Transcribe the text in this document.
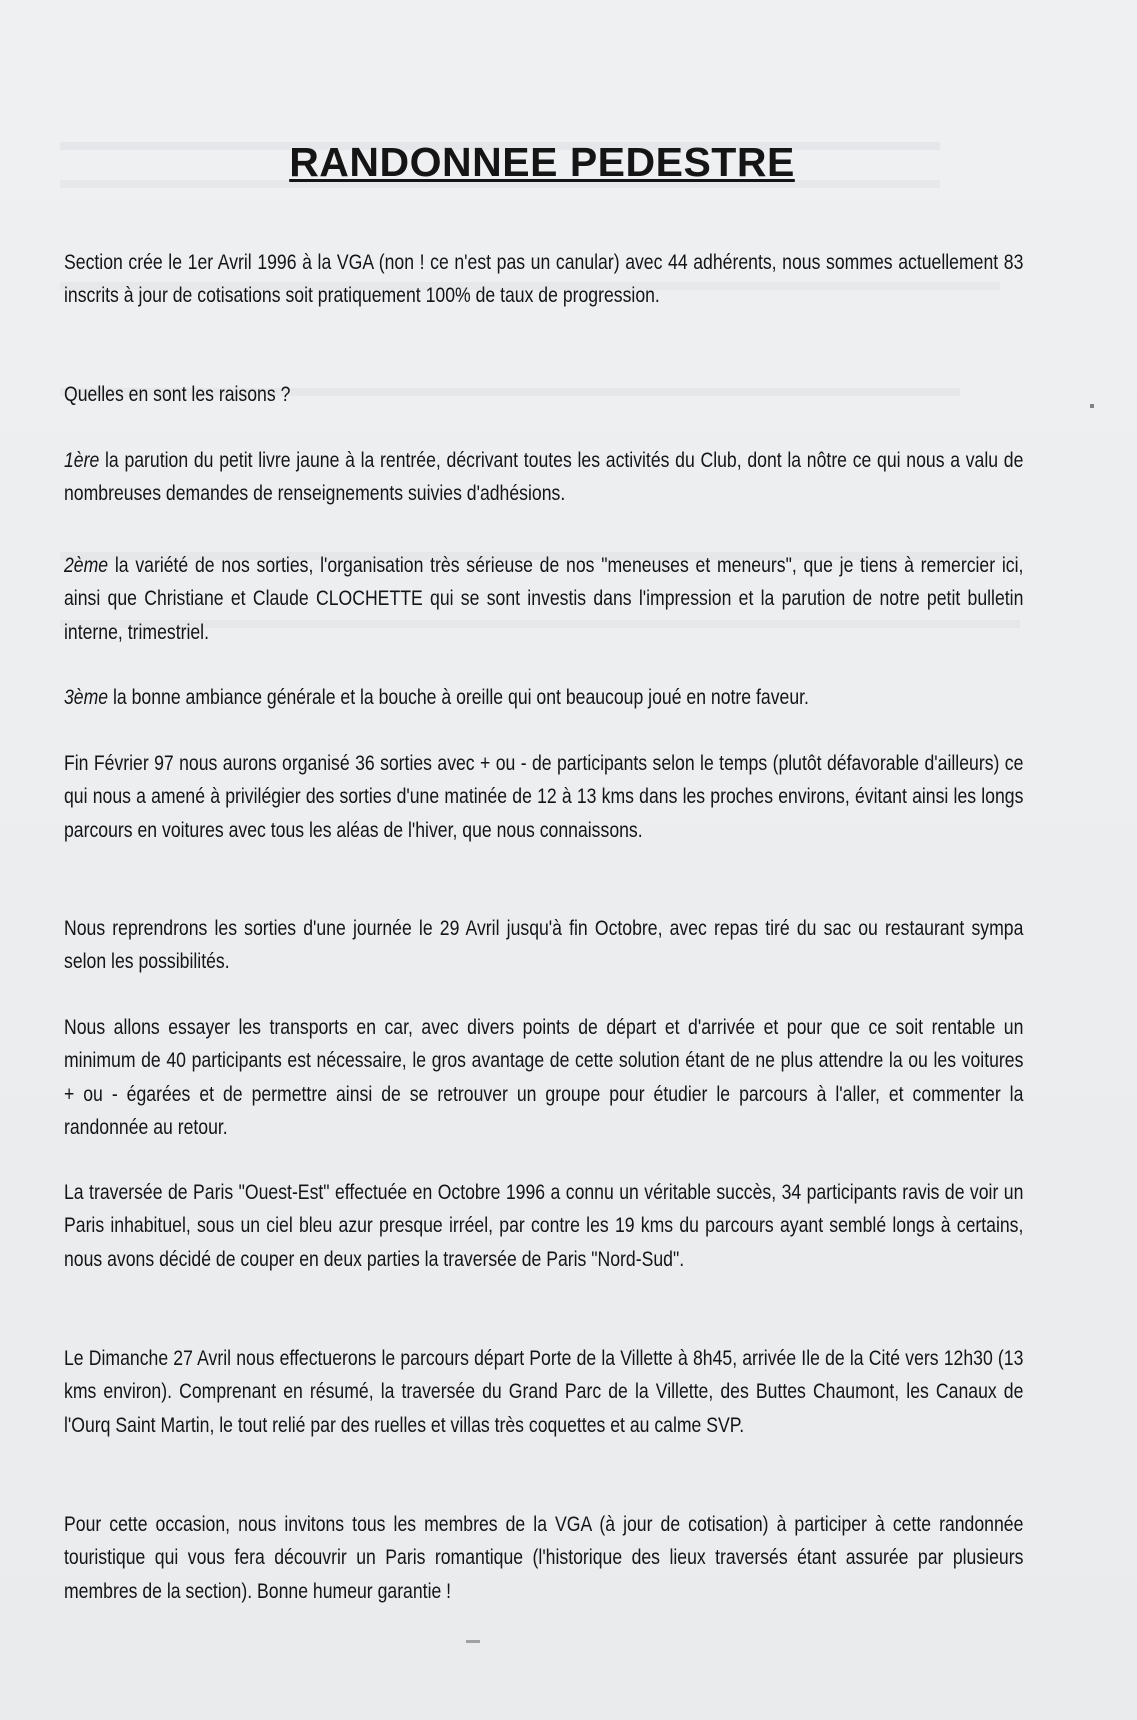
RANDONNEE PEDESTRE

Section crée le 1er Avril 1996 à la VGA (non ! ce n'est pas un canular) avec 44 adhérents, nous sommes actuellement 83 inscrits à jour de cotisations soit pratiquement 100% de taux de progression.

Quelles en sont les raisons ?

1ère la parution du petit livre jaune à la rentrée, décrivant toutes les activités du Club, dont la nôtre ce qui nous a valu de nombreuses demandes de renseignements suivies d'adhésions.

2ème la variété de nos sorties, l'organisation très sérieuse de nos "meneuses et meneurs", que je tiens à remercier ici, ainsi que Christiane et Claude CLOCHETTE qui se sont investis dans l'impression et la parution de notre petit bulletin interne, trimestriel.

3ème la bonne ambiance générale et la bouche à oreille qui ont beaucoup joué en notre faveur.

Fin Février 97 nous aurons organisé 36 sorties avec + ou - de participants selon le temps (plutôt défavorable d'ailleurs) ce qui nous a amené à privilégier des sorties d'une matinée de 12 à 13 kms dans les proches environs, évitant ainsi les longs parcours en voitures avec tous les aléas de l'hiver, que nous connaissons.

Nous reprendrons les sorties d'une journée le 29 Avril jusqu'à fin Octobre, avec repas tiré du sac ou restaurant sympa selon les possibilités.

Nous allons essayer les transports en car, avec divers points de départ et d'arrivée et pour que ce soit rentable un minimum de 40 participants est nécessaire, le gros avantage de cette solution étant de ne plus attendre la ou les voitures + ou - égarées et de permettre ainsi de se retrouver un groupe pour étudier le parcours à l'aller, et commenter la randonnée au retour.

La traversée de Paris "Ouest-Est" effectuée en Octobre 1996 a connu un véritable succès, 34 participants ravis de voir un Paris inhabituel, sous un ciel bleu azur presque irréel, par contre les 19 kms du parcours ayant semblé longs à certains, nous avons décidé de couper en deux parties la traversée de Paris "Nord-Sud".

Le Dimanche 27 Avril nous effectuerons le parcours départ Porte de la Villette à 8h45, arrivée Ile de la Cité vers 12h30 (13 kms environ). Comprenant en résumé, la traversée du Grand Parc de la Villette, des Buttes Chaumont, les Canaux de l'Ourq Saint Martin, le tout relié par des ruelles et villas très coquettes et au calme SVP.

Pour cette occasion, nous invitons tous les membres de la VGA (à jour de cotisation) à participer à cette randonnée touristique qui vous fera découvrir un Paris romantique (l'historique des lieux traversés étant assurée par plusieurs membres de la section). Bonne humeur garantie !
